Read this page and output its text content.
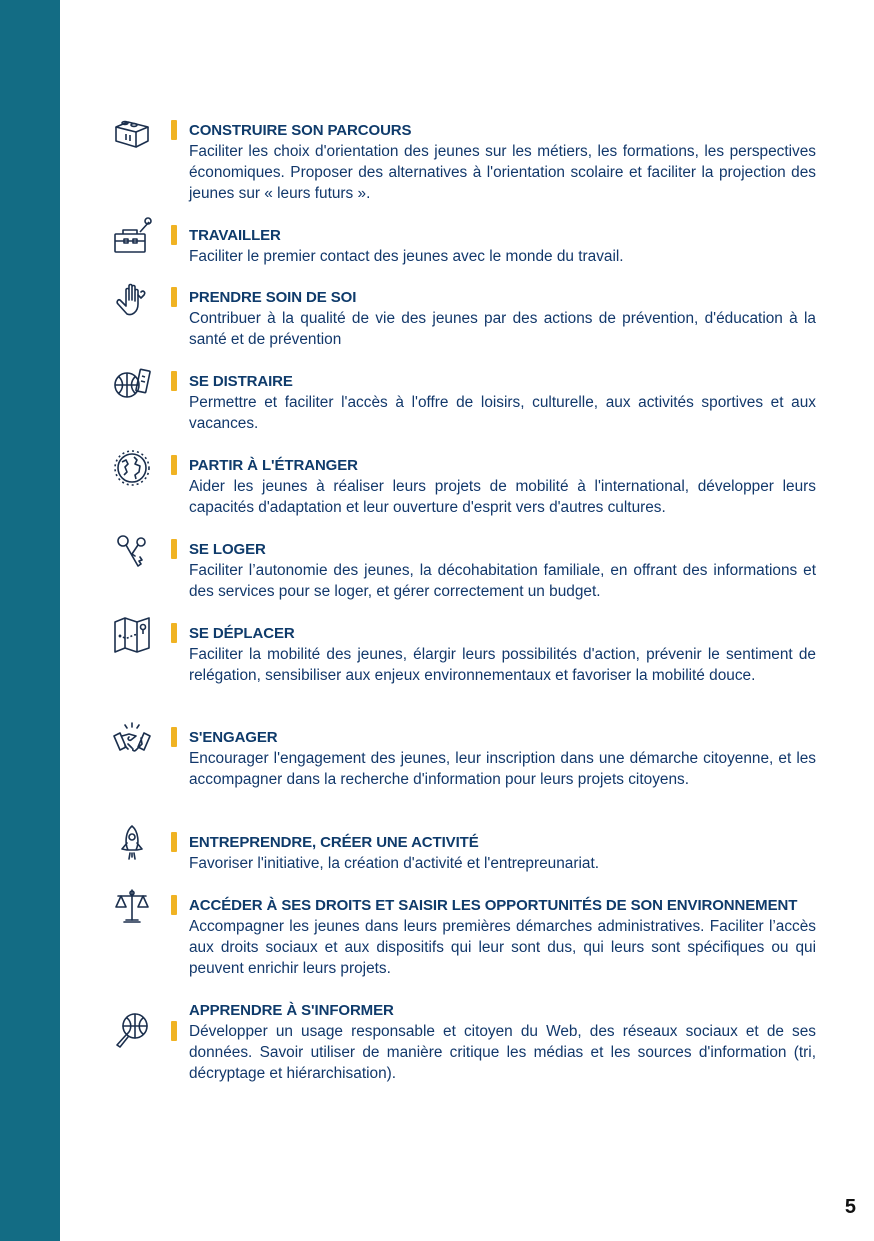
CONSTRUIRE SON PARCOURS

Faciliter les choix d'orientation des jeunes sur les métiers, les formations, les perspectives économiques. Proposer des alternatives à l'orientation scolaire et faciliter la projection des jeunes sur « leurs futurs ».

TRAVAILLER

Faciliter le premier contact des jeunes avec le monde du travail.

PRENDRE SOIN DE SOI

Contribuer à la qualité de vie des jeunes par des actions de prévention, d'éducation à la santé et de prévention

SE DISTRAIRE

Permettre et faciliter l'accès à l'offre de loisirs, culturelle, aux activités sportives et aux vacances.

PARTIR À L'ÉTRANGER

Aider les jeunes à réaliser leurs projets de mobilité à l'international, développer leurs capacités d'adaptation et leur ouverture d'esprit vers d'autres cultures.

SE LOGER

Faciliter l’autonomie des jeunes, la décohabitation familiale, en offrant des informations et des services pour se loger, et gérer correctement un budget.

SE DÉPLACER

Faciliter la mobilité des jeunes, élargir leurs possibilités d'action, prévenir le sentiment de relégation, sensibiliser aux enjeux environnementaux et favoriser la mobilité douce.

S'ENGAGER

Encourager l'engagement des jeunes, leur inscription dans une démarche citoyenne, et les accompagner dans la recherche d'information pour leurs projets citoyens.

ENTREPRENDRE, CRÉER UNE ACTIVITÉ

Favoriser l'initiative, la création d'activité et l'entrepreunariat.

ACCÉDER À SES DROITS ET SAISIR LES OPPORTUNITÉS DE SON ENVIRONNEMENT

Accompagner les jeunes dans leurs premières démarches administratives. Faciliter l’accès aux droits sociaux et aux dispositifs qui leur sont dus, qui leurs sont spécifiques ou qui peuvent enrichir leurs projets.

APPRENDRE À S'INFORMER

Développer un usage responsable et citoyen du Web, des réseaux sociaux et de ses données. Savoir utiliser de manière critique les médias et les sources d'information (tri, décryptage et hiérarchisation).

5
